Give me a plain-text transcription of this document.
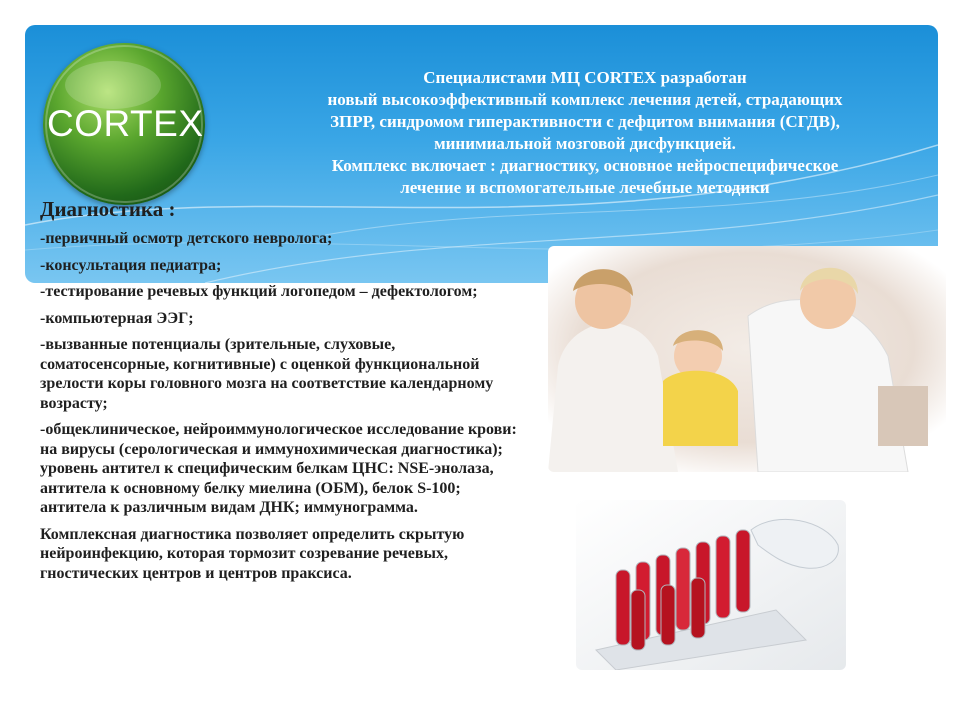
CORTEX
Специалистами МЦ CORTEX разработан
новый высокоэффективный комплекс лечения детей, страдающих
ЗПРР, синдромом гиперактивности с дефцитом внимания (СГДВ),
минимиальной мозговой дисфункцией.
Комплекс включает : диагностику, основное нейроспецифическое
лечение и вспомогательные лечебные методики
Диагностика :
-первичный осмотр детского невролога;
-консультация педиатра;
-тестирование речевых функций логопедом – дефектологом;
-компьютерная ЭЭГ;
-вызванные потенциалы (зрительные, слуховые, соматосенсорные, когнитивные) с оценкой функциональной зрелости коры головного мозга на соответствие календарному возрасту;
-общеклиническое, нейроиммунологическое исследование крови: на вирусы (серологическая и иммунохимическая диагностика); уровень антител к специфическим белкам ЦНС: NSE-энолаза, антитела к основному белку миелина (ОБМ), белок S-100; антитела к различным видам ДНК; иммунограмма.
Комплексная диагностика позволяет определить скрытую нейроинфекцию, которая тормозит созревание речевых, гностических центров и центров праксиса.
